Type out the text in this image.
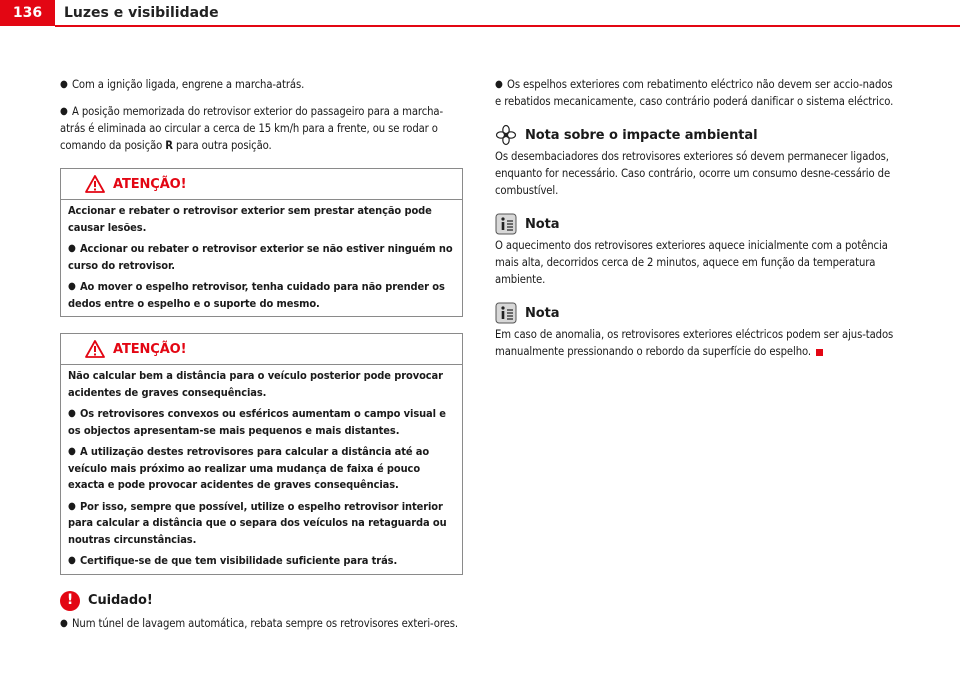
136	Luzes e visibilidade

● Com a ignição ligada, engrene a marcha-atrás.

● A posição memorizada do retrovisor exterior do passageiro para a marcha-atrás é eliminada ao circular a cerca de 15 km/h para a frente, ou se rodar o comando da posição R para outra posição.

ATENÇÃO!

Accionar e rebater o retrovisor exterior sem prestar atenção pode causar lesões.

● Accionar ou rebater o retrovisor exterior se não estiver ninguém no curso do retrovisor.

● Ao mover o espelho retrovisor, tenha cuidado para não prender os dedos entre o espelho e o suporte do mesmo.

ATENÇÃO!

Não calcular bem a distância para o veículo posterior pode provocar acidentes de graves consequências.

● Os retrovisores convexos ou esféricos aumentam o campo visual e os objectos apresentam-se mais pequenos e mais distantes.

● A utilização destes retrovisores para calcular a distância até ao veículo mais próximo ao realizar uma mudança de faixa é pouco exacta e pode provocar acidentes de graves consequências.

● Por isso, sempre que possível, utilize o espelho retrovisor interior para calcular a distância que o separa dos veículos na retaguarda ou noutras circunstâncias.

● Certifique-se de que tem visibilidade suficiente para trás.

!	Cuidado!

● Num túnel de lavagem automática, rebata sempre os retrovisores exteri-ores.

● Os espelhos exteriores com rebatimento eléctrico não devem ser accio-nados e rebatidos mecanicamente, caso contrário poderá danificar o sistema eléctrico.

Nota sobre o impacte ambiental

Os desembaciadores dos retrovisores exteriores só devem permanecer ligados, enquanto for necessário. Caso contrário, ocorre um consumo desne-cessário de combustível.

Nota

O aquecimento dos retrovisores exteriores aquece inicialmente com a potência mais alta, decorridos cerca de 2 minutos, aquece em função da temperatura ambiente.

Nota

Em caso de anomalia, os retrovisores exteriores eléctricos podem ser ajus-tados manualmente pressionando o rebordo da superfície do espelho.
